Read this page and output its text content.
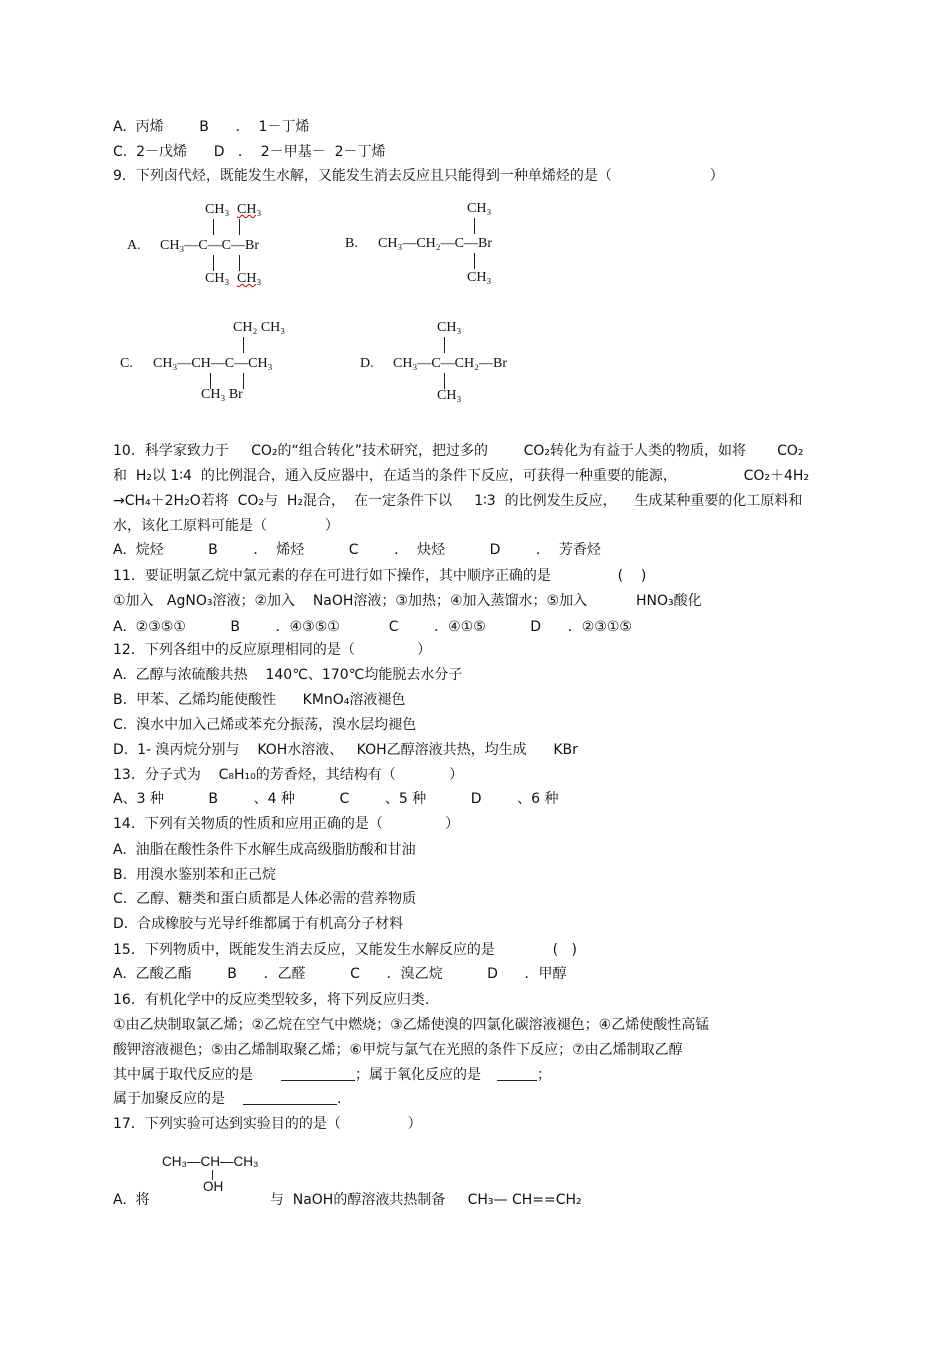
A.  丙烯        B      ．  1－丁烯
C.  2－戊烯      D   ．  2－甲基－  2－丁烯
9．下列卤代烃，既能发生水解，又能发生消去反应且只能得到一种单烯烃的是（                      ）
A.
CH₃ CH₃
CH₃—C—C—Br
CH₃ CH₃
B.
CH₃
CH₃—CH₂—C—Br
CH₃
C.
CH₂ CH₃
CH₃—CH—C—CH₃
CH₃ Br
D.
CH₃
CH₃—C—CH₂—Br
CH₃
10．科学家致力于     CO₂的“组合转化”技术研究，把过多的        CO₂转化为有益于人类的物质，如将       CO₂
和  H₂以 1∶4  的比例混合，通入反应器中，在适当的条件下反应，可获得一种重要的能源，               CO₂＋4H₂
→CH₄＋2H₂O若将  CO₂与  H₂混合，  在一定条件下以     1∶3  的比例发生反应，    生成某种重要的化工原料和
水，该化工原料可能是（             ）
A.  烷烃          B        ．  烯烃          C        ．  炔烃          D        ．  芳香烃
11．要证明氯乙烷中氯元素的存在可进行如下操作，其中顺序正确的是               (    )
①加入   AgNO₃溶液；②加入    NaOH溶液；③加热；④加入蒸馏水；⑤加入           HNO₃酸化
A.  ②③⑤①          B        ．④③⑤①           C        ．④①⑤          D      ．②③①⑤
12．下列各组中的反应原理相同的是（              ）
A.  乙醇与浓硫酸共热    140℃、170℃均能脱去水分子
B.  甲苯、乙烯均能使酸性      KMnO₄溶液褪色
C.  溴水中加入己烯或苯充分振荡，溴水层均褪色
D.  1- 溴丙烷分别与    KOH水溶液、   KOH乙醇溶液共热，均生成      KBr
13．分子式为    C₈H₁₀的芳香烃，其结构有（            ）
A、3 种          B        、4 种          C        、5 种          D        、6 种
14．下列有关物质的性质和应用正确的是（              ）
A.  油脂在酸性条件下水解生成高级脂肪酸和甘油
B.  用溴水鉴别苯和正己烷
C.  乙醇、糖类和蛋白质都是人体必需的营养物质
D.  合成橡胶与光导纤维都属于有机高分子材料
15．下列物质中，既能发生消去反应，又能发生水解反应的是             (   )
A.  乙酸乙酯        B      ．乙醛          C      ．溴乙烷          D      ．甲醇
16．有机化学中的反应类型较多，将下列反应归类.
①由乙炔制取氯乙烯；②乙烷在空气中燃烧；③乙烯使溴的四氯化碳溶液褪色；④乙烯使酸性高锰
酸钾溶液褪色；⑤由乙烯制取聚乙烯；⑥甲烷与氯气在光照的条件下反应；⑦由乙烯制取乙醇
其中属于取代反应的是	；属于氧化反应的是	；
属于加聚反应的是	.
17．下列实验可达到实验目的的是（               ）
CH₃—CH—CH₃
OH
A.  将                           与  NaOH的醇溶液共热制备     CH₃— CH==CH₂
